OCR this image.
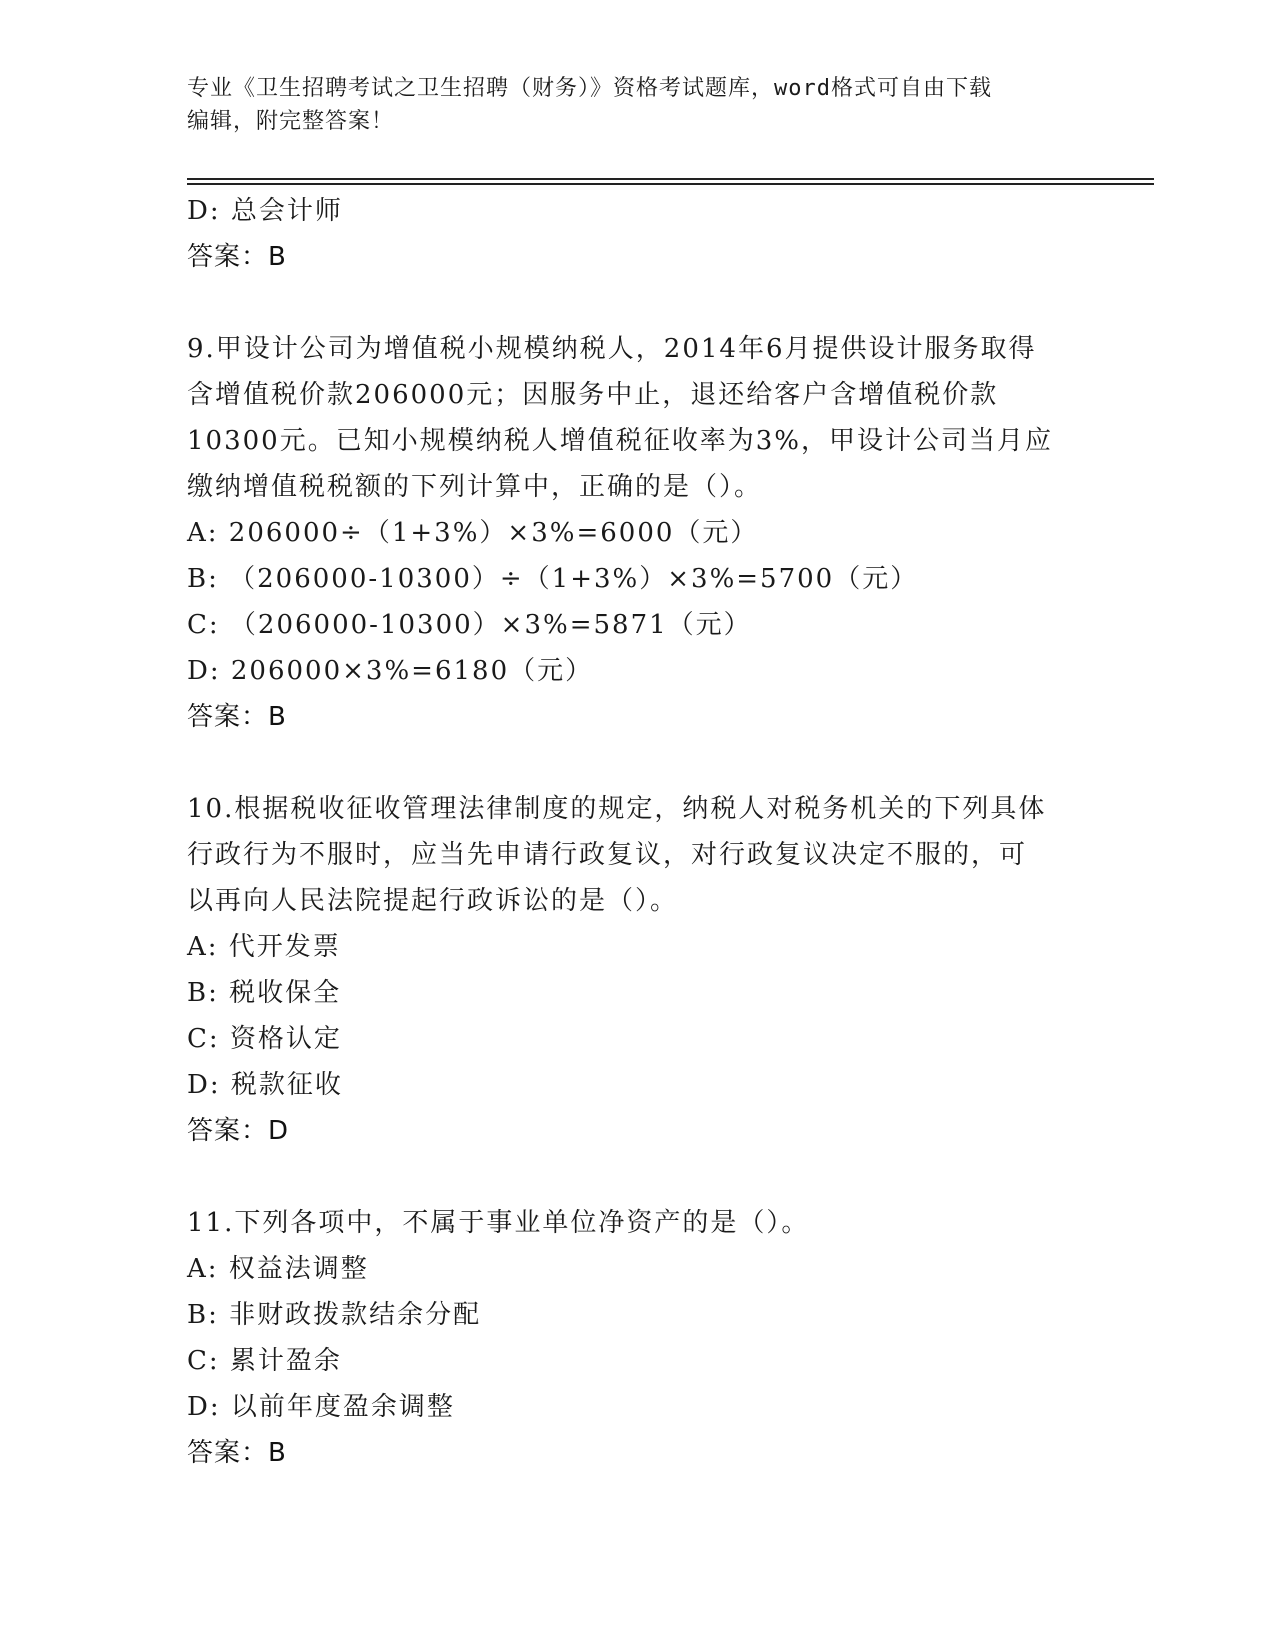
专业《卫生招聘考试之卫生招聘（财务）》资格考试题库，word格式可自由下载
编辑，附完整答案！
D: 总会计师
答案：B
9.甲设计公司为增值税小规模纳税人，2014年6月提供设计服务取得
含增值税价款206000元；因服务中止，退还给客户含增值税价款
10300元。已知小规模纳税人增值税征收率为3%，甲设计公司当月应
缴纳增值税税额的下列计算中，正确的是（）。
A: 206000÷（1+3%）×3%=6000（元）
B: （206000-10300）÷（1+3%）×3%=5700（元）
C: （206000-10300）×3%=5871（元）
D: 206000×3%=6180（元）
答案：B
10.根据税收征收管理法律制度的规定，纳税人对税务机关的下列具体
行政行为不服时，应当先申请行政复议，对行政复议决定不服的，可
以再向人民法院提起行政诉讼的是（）。
A: 代开发票
B: 税收保全
C: 资格认定
D: 税款征收
答案：D
11.下列各项中，不属于事业单位净资产的是（）。
A: 权益法调整
B: 非财政拨款结余分配
C: 累计盈余
D: 以前年度盈余调整
答案：B
